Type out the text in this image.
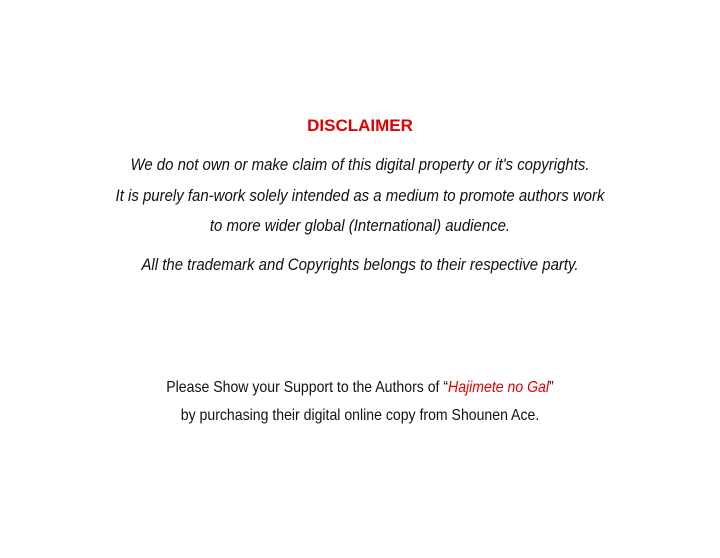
DISCLAIMER
We do not own or make claim of this digital property or it's copyrights.
It is purely fan-work solely intended as a medium to promote authors work
to more wider global (International) audience.
All the trademark and Copyrights belongs to their respective party.
Please Show your Support to the Authors of “Hajimete no Gal”
by purchasing their digital online copy from Shounen Ace.
